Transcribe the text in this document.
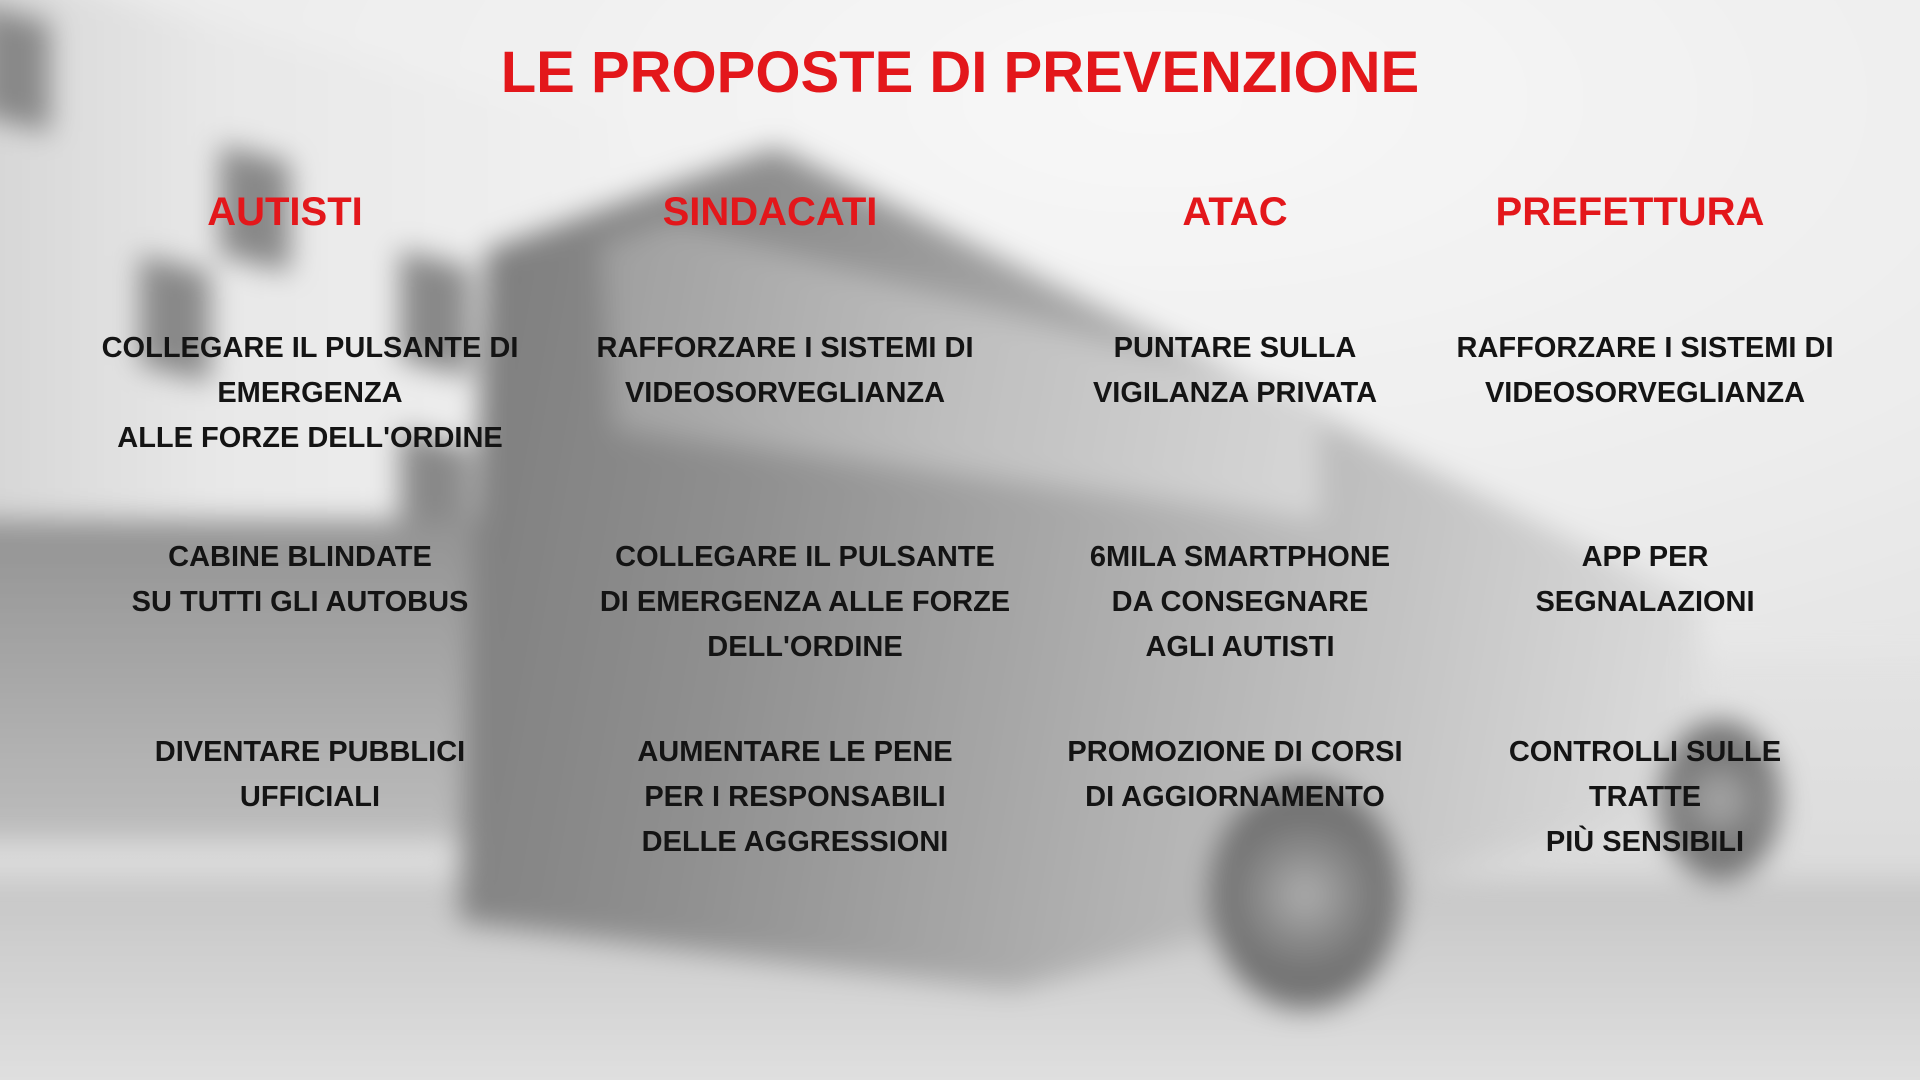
LE PROPOSTE DI PREVENZIONE
AUTISTI
COLLEGARE IL PULSANTE DI
EMERGENZA
ALLE FORZE DELL'ORDINE
CABINE BLINDATE
SU TUTTI GLI AUTOBUS
DIVENTARE PUBBLICI
UFFICIALI
SINDACATI
RAFFORZARE I SISTEMI DI
VIDEOSORVEGLIANZA
COLLEGARE IL PULSANTE
DI EMERGENZA ALLE FORZE
DELL'ORDINE
AUMENTARE LE PENE
PER I RESPONSABILI
DELLE AGGRESSIONI
ATAC
PUNTARE SULLA
VIGILANZA PRIVATA
6MILA SMARTPHONE
DA CONSEGNARE
AGLI AUTISTI
PROMOZIONE DI CORSI
DI AGGIORNAMENTO
PREFETTURA
RAFFORZARE I SISTEMI DI
VIDEOSORVEGLIANZA
APP PER
SEGNALAZIONI
CONTROLLI SULLE
TRATTE
PIÙ SENSIBILI
